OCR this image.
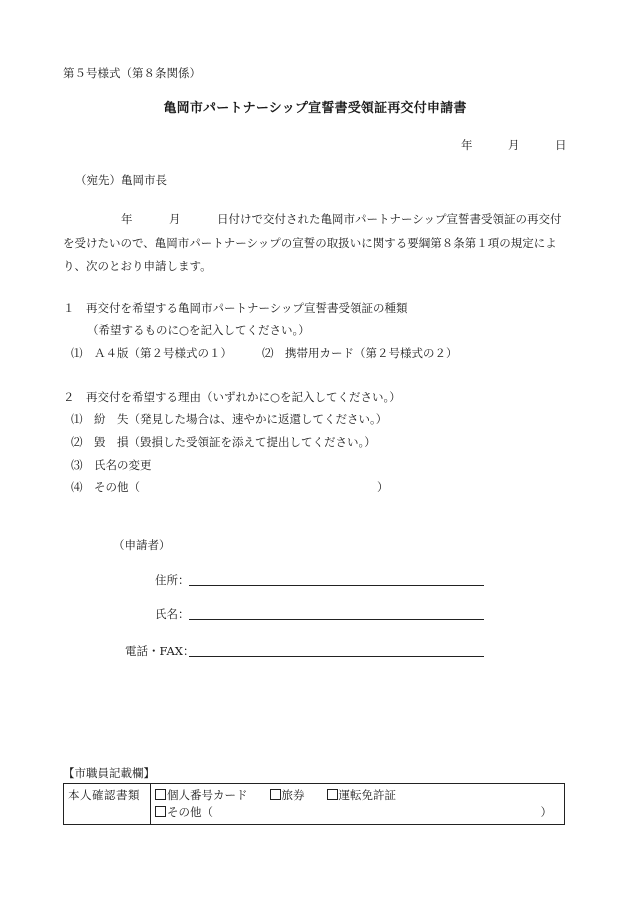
第５号様式（第８条関係）
亀岡市パートナーシップ宣誓書受領証再交付申請書
年	月	日
（宛先）亀岡市長
年	月	日付けで交付された亀岡市パートナーシップ宣誓書受領証の再交付
を受けたいので、亀岡市パートナーシップの宣誓の取扱いに関する要綱第８条第１項の規定によ
り、次のとおり申請します。
１　再交付を希望する亀岡市パートナーシップ宣誓書受領証の種類
（希望するものに○を記入してください。）
⑴　Ａ４版（第２号様式の１）	⑵　携帯用カード（第２号様式の２）
２　再交付を希望する理由（いずれかに○を記入してください。）
⑴　紛　失（発見した場合は、速やかに返還してください。）
⑵　毀　損（毀損した受領証を添えて提出してください。）
⑶　氏名の変更
⑷　その他（	）
（申請者）
住所：
氏名：
電話・FAX：
【市職員記載欄】
本人確認書類	個人番号カード	旅券	運転免許証
その他（	）
